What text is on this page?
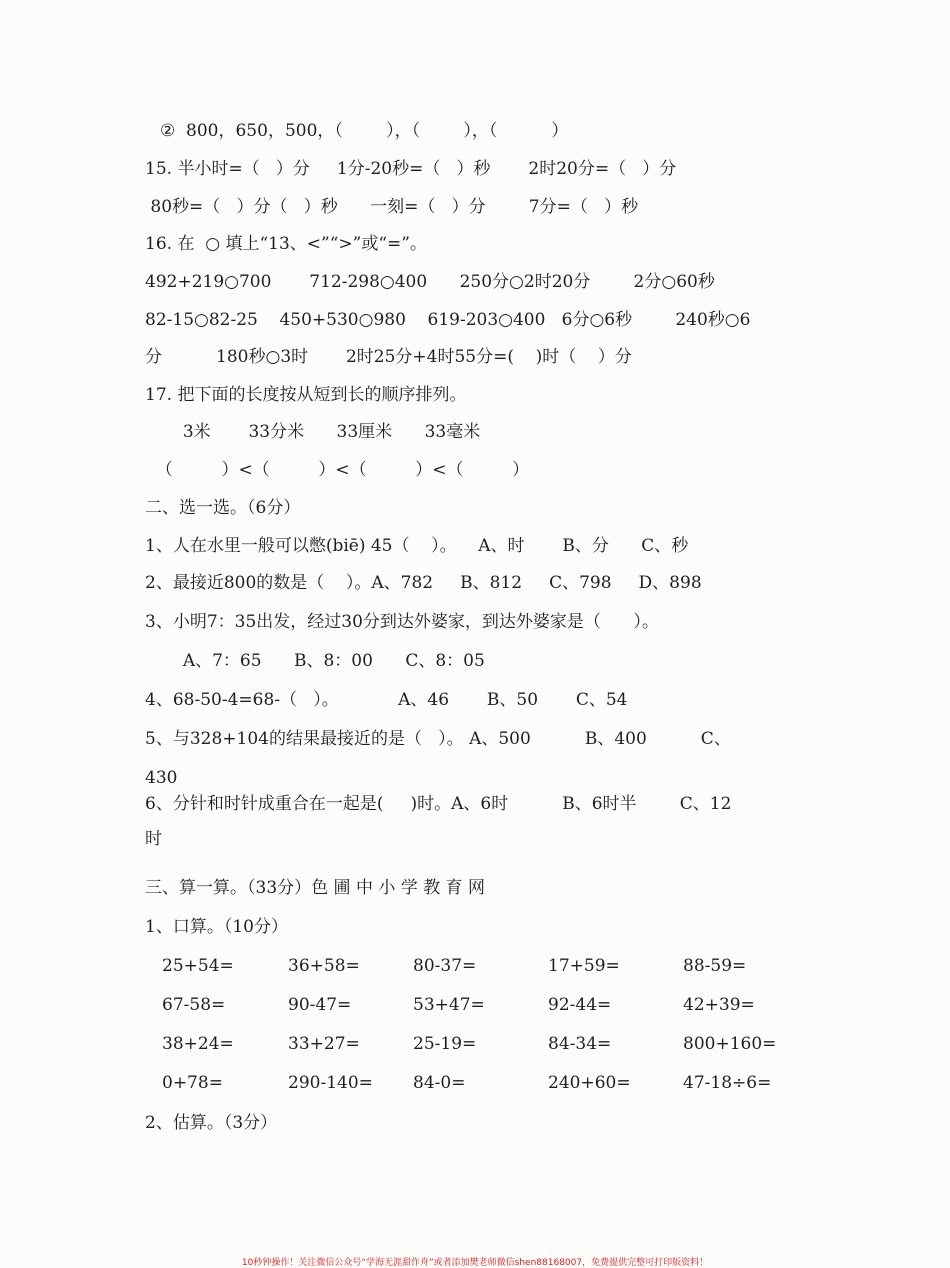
②  800，650，500，（        ），（        ），（          ）
15. 半小时=（   ）分     1分-20秒=（   ）秒       2时20分=（   ）分
80秒=（   ）分（   ）秒      一刻=（   ）分        7分=（   ）秒
16. 在  ○ 填上“13、<”“>”或“=”。
492+219○700       712-298○400      250分○2时20分        2分○60秒
82-15○82-25    450+530○980    619-203○400   6分○6秒        240秒○6
分          180秒○3时       2时25分+4时55分=(    )时（    ）分
17. 把下面的长度按从短到长的顺序排列。
3米       33分米      33厘米      33毫米
（         ）<（         ）<（         ）<（         ）
二、选一选。（6分）
1、人在水里一般可以憋(biē) 45（    ）。    A、时       B、分      C、秒
2、最接近800的数是（    ）。A、782     B、812     C、798     D、898
3、小明7：35出发，经过30分到达外婆家，到达外婆家是（      ）。
A、7：65      B、8：00      C、8：05
4、68-50-4=68-（   ）。           A、46       B、50       C、54
5、与328+104的结果最接近的是（   ）。 A、500          B、400          C、
430
6、分针和时针成重合在一起是(     )时。A、6时          B、6时半        C、12
时
三、算一算。（33分）色 圃 中 小 学 教 育 网
1、口算。（10分）
25+54=	36+58=	80-37=	17+59=	88-59=
67-58=	90-47=	53+47=	92-44=	42+39=
38+24=	33+27=	25-19=	84-34=	800+160=
0+78=	290-140= 84-0=	240+60=	47-18÷6=
2、估算。（3分）
10秒钟操作！关注微信公众号“学海无涯甜作舟”或者添加樊老师微信shen88168007，免费提供完整可打印版资料！
